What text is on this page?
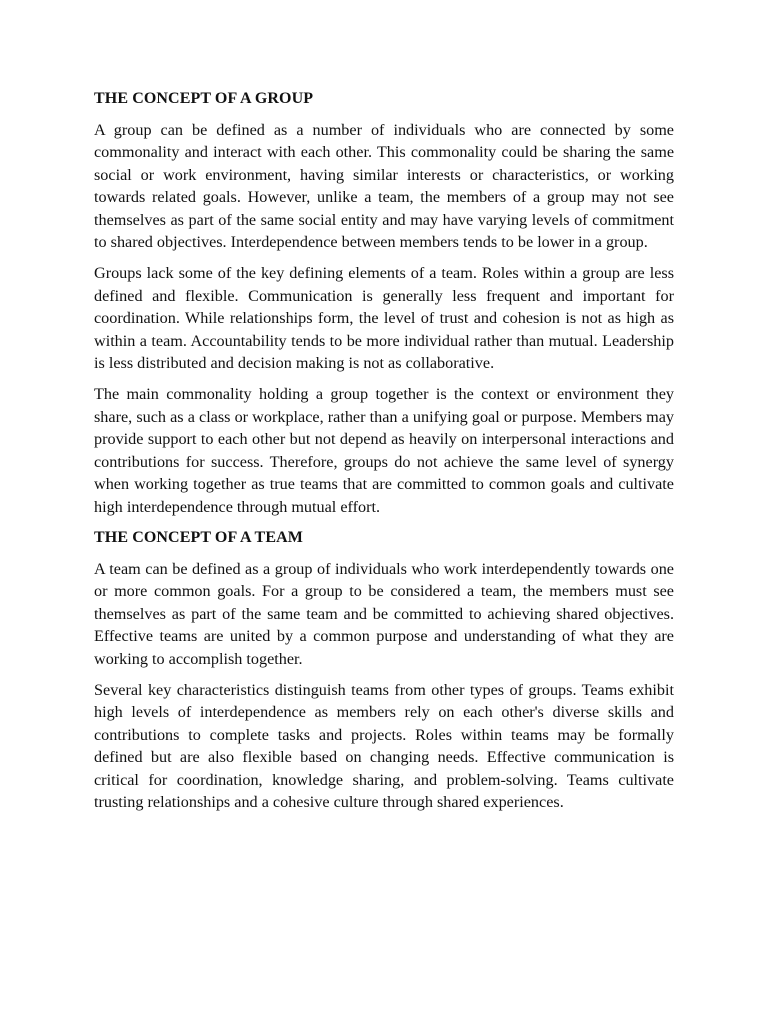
THE CONCEPT OF A GROUP

A group can be defined as a number of individuals who are connected by some commonality and interact with each other. This commonality could be sharing the same social or work environment, having similar interests or characteristics, or working towards related goals. However, unlike a team, the members of a group may not see themselves as part of the same social entity and may have varying levels of commitment to shared objectives. Interdependence between members tends to be lower in a group.

Groups lack some of the key defining elements of a team. Roles within a group are less defined and flexible. Communication is generally less frequent and important for coordination. While relationships form, the level of trust and cohesion is not as high as within a team. Accountability tends to be more individual rather than mutual. Leadership is less distributed and decision making is not as collaborative.

The main commonality holding a group together is the context or environment they share, such as a class or workplace, rather than a unifying goal or purpose. Members may provide support to each other but not depend as heavily on interpersonal interactions and contributions for success. Therefore, groups do not achieve the same level of synergy when working together as true teams that are committed to common goals and cultivate high interdependence through mutual effort.

THE CONCEPT OF A TEAM

A team can be defined as a group of individuals who work interdependently towards one or more common goals. For a group to be considered a team, the members must see themselves as part of the same team and be committed to achieving shared objectives. Effective teams are united by a common purpose and understanding of what they are working to accomplish together.

Several key characteristics distinguish teams from other types of groups. Teams exhibit high levels of interdependence as members rely on each other's diverse skills and contributions to complete tasks and projects. Roles within teams may be formally defined but are also flexible based on changing needs. Effective communication is critical for coordination, knowledge sharing, and problem-solving. Teams cultivate trusting relationships and a cohesive culture through shared experiences.
